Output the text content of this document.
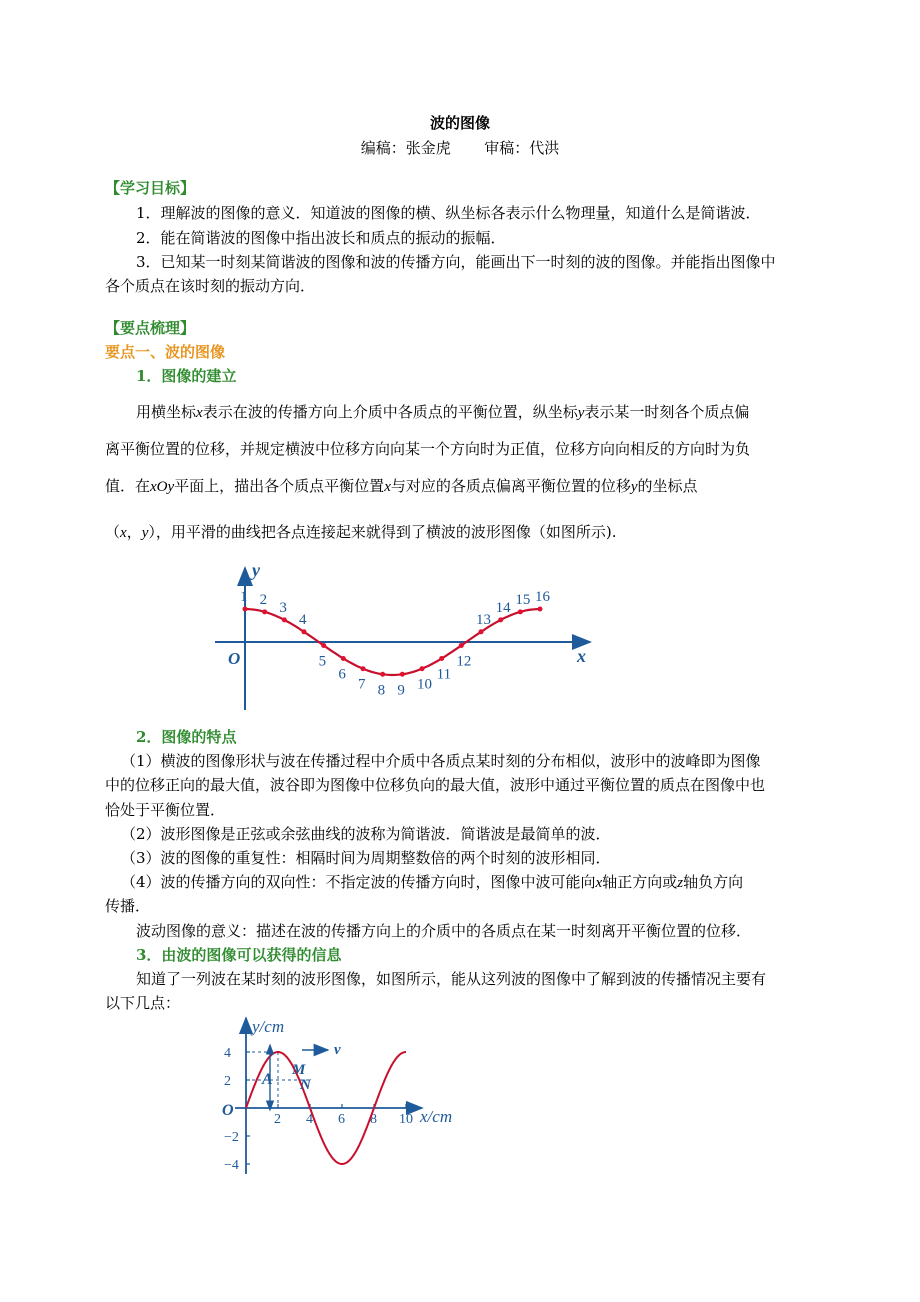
波的图像
编稿：张金虎 审稿：代洪
【学习目标】
1．理解波的图像的意义．知道波的图像的横、纵坐标各表示什么物理量，知道什么是简谐波．
2．能在简谐波的图像中指出波长和质点的振动的振幅．
3．已知某一时刻某简谐波的图像和波的传播方向，能画出下一时刻的波的图像。并能指出图像中
各个质点在该时刻的振动方向．
【要点梳理】
要点一、波的图像
1．图像的建立
用横坐标x表示在波的传播方向上介质中各质点的平衡位置，纵坐标y表示某一时刻各个质点偏
离平衡位置的位移，并规定横波中位移方向向某一个方向时为正值，位移方向向相反的方向时为负
值．在xOy平面上，描出各个质点平衡位置x与对应的各质点偏离平衡位置的位移y的坐标点
（x，y），用平滑的曲线把各点连接起来就得到了横波的波形图像（如图所示).
y
x
O
1 2
3
4
5
6
7 8 9 10
11
12
13
14
15 16
2．图像的特点
（1）横波的图像形状与波在传播过程中介质中各质点某时刻的分布相似，波形中的波峰即为图像
中的位移正向的最大值，波谷即为图像中位移负向的最大值，波形中通过平衡位置的质点在图像中也
恰处于平衡位置．
（2）波形图像是正弦或余弦曲线的波称为简谐波．简谐波是最简单的波．
（3）波的图像的重复性：相隔时间为周期整数倍的两个时刻的波形相同．
（4）波的传播方向的双向性：不指定波的传播方向时，图像中波可能向x轴正方向或z轴负方向
传播．
波动图像的意义：描述在波的传播方向上的介质中的各质点在某一时刻离开平衡位置的位移．
3．由波的图像可以获得的信息
知道了一列波在某时刻的波形图像，如图所示，能从这列波的图像中了解到波的传播情况主要有
以下几点：
y/cm
x/cm
O
4
2
−2
−4
2 4 6 8 10
A
M
N
v
